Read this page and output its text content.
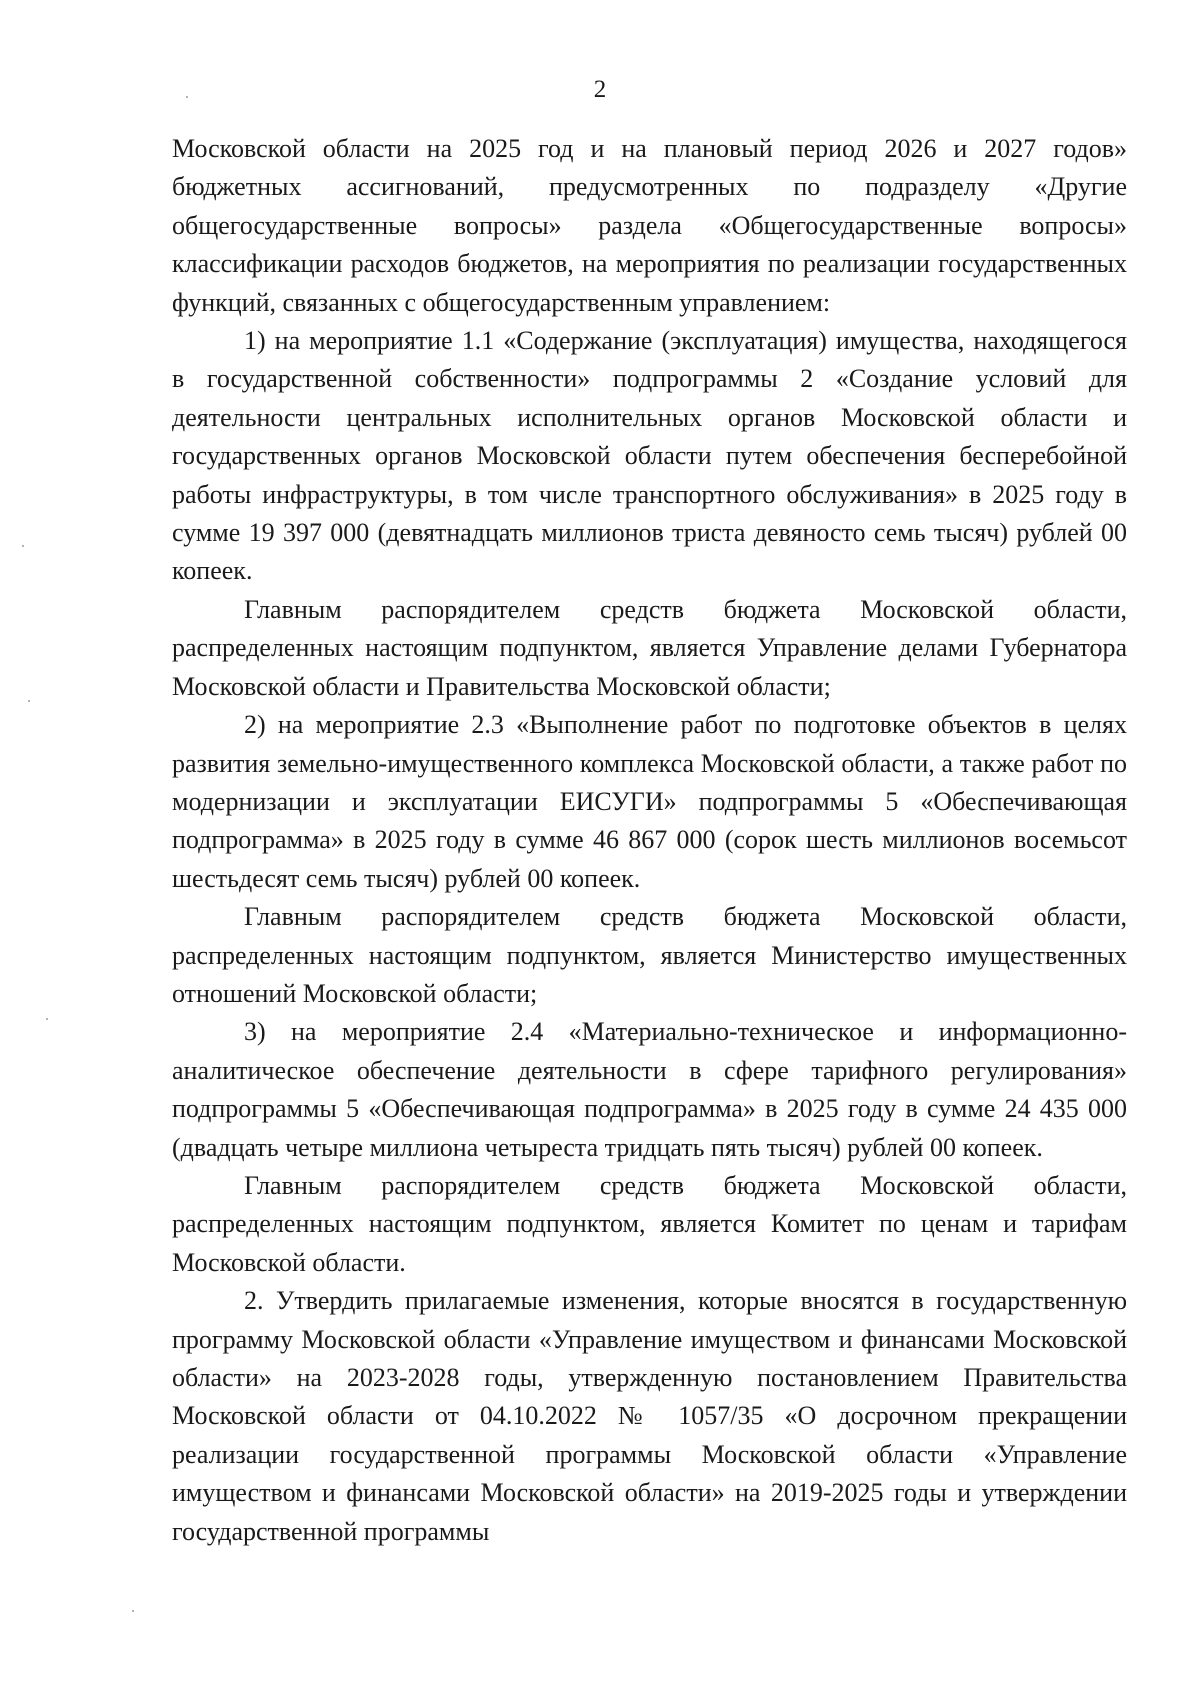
2

Московской области на 2025 год и на плановый период 2026 и 2027 годов» бюджетных ассигнований, предусмотренных по подразделу «Другие общегосударственные вопросы» раздела «Общегосударственные вопросы» классификации расходов бюджетов, на мероприятия по реализации государственных функций, связанных с общегосударственным управлением:

1) на мероприятие 1.1 «Содержание (эксплуатация) имущества, находящегося в государственной собственности» подпрограммы 2 «Создание условий для деятельности центральных исполнительных органов Московской области и государственных органов Московской области путем обеспечения бесперебойной работы инфраструктуры, в том числе транспортного обслуживания» в 2025 году в сумме 19 397 000 (девятнадцать миллионов триста девяносто семь тысяч) рублей 00 копеек.

Главным распорядителем средств бюджета Московской области, распределенных настоящим подпунктом, является Управление делами Губернатора Московской области и Правительства Московской области;

2) на мероприятие 2.3 «Выполнение работ по подготовке объектов в целях развития земельно-имущественного комплекса Московской области, а также работ по модернизации и эксплуатации ЕИСУГИ» подпрограммы 5 «Обеспечивающая подпрограмма» в 2025 году в сумме 46 867 000 (сорок шесть миллионов восемьсот шестьдесят семь тысяч) рублей 00 копеек.

Главным распорядителем средств бюджета Московской области, распределенных настоящим подпунктом, является Министерство имущественных отношений Московской области;

3) на мероприятие 2.4 «Материально-техническое и информационно-аналитическое обеспечение деятельности в сфере тарифного регулирования» подпрограммы 5 «Обеспечивающая подпрограмма» в 2025 году в сумме 24 435 000 (двадцать четыре миллиона четыреста тридцать пять тысяч) рублей 00 копеек.

Главным распорядителем средств бюджета Московской области, распределенных настоящим подпунктом, является Комитет по ценам и тарифам Московской области.

2. Утвердить прилагаемые изменения, которые вносятся в государственную программу Московской области «Управление имуществом и финансами Московской области» на 2023-2028 годы, утвержденную постановлением Правительства Московской области от 04.10.2022 № 1057/35 «О досрочном прекращении реализации государственной программы Московской области «Управление имуществом и финансами Московской области» на 2019-2025 годы и утверждении государственной программы
